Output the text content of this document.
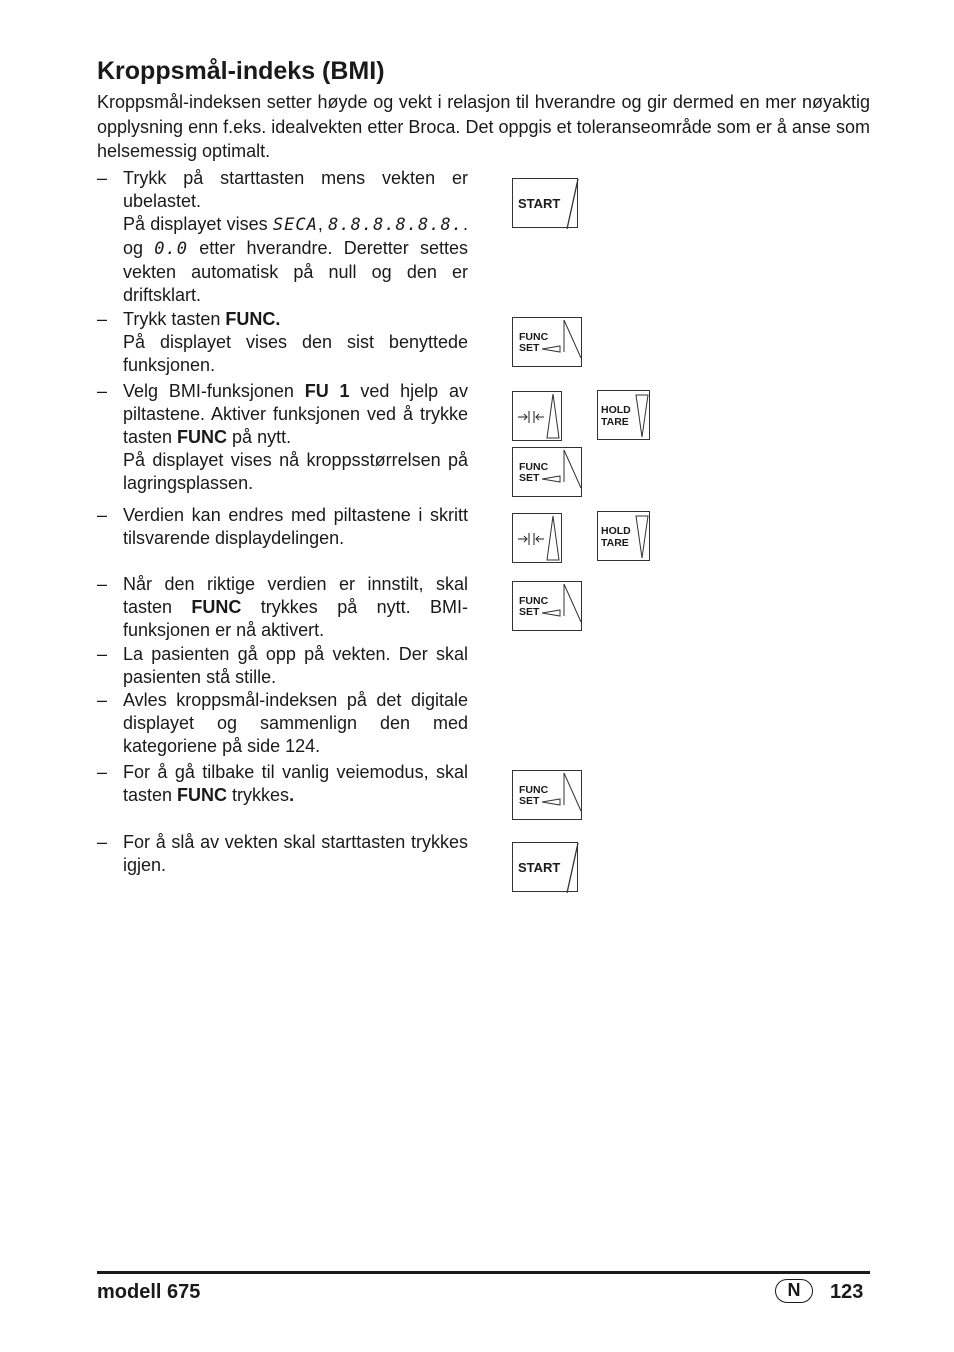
Kroppsmål-indeks (BMI)
Kroppsmål-indeksen setter høyde og vekt i relasjon til hverandre og gir dermed en mer nøyaktig opplysning enn f.eks. idealvekten etter Broca. Det oppgis et toleranseområde som er å anse som helsemessig optimalt.
– Trykk på starttasten mens vekten er ubelastet.

På displayet vises SECA, 8.8.8.8.8.8.. og 0.0 etter hverandre. Deretter settes vekten automatisk på null og den er driftsklart.

– Trykk tasten FUNC.

På displayet vises den sist benyttede funksjonen.

– Velg BMI-funksjonen FU 1 ved hjelp av piltastene. Aktiver funksjonen ved å trykke tasten FUNC på nytt.

På displayet vises nå kroppsstørrelsen på lagringsplassen.

– Verdien kan endres med piltastene i skritt tilsvarende displaydelingen.

– Når den riktige verdien er innstilt, skal tasten FUNC trykkes på nytt. BMI-funksjonen er nå aktivert.

– La pasienten gå opp på vekten. Der skal pasienten stå stille.

– Avles kroppsmål-indeksen på det digitale displayet og sammenlign den med kategoriene på side 124.

– For å gå tilbake til vanlig veiemodus, skal tasten FUNC trykkes.

– For å slå av vekten skal starttasten trykkes igjen.

START
FUNC
SET
HOLD
TARE
FUNC
SET
HOLD
TARE
FUNC
SET
FUNC
SET
START
modell 675	N	123
